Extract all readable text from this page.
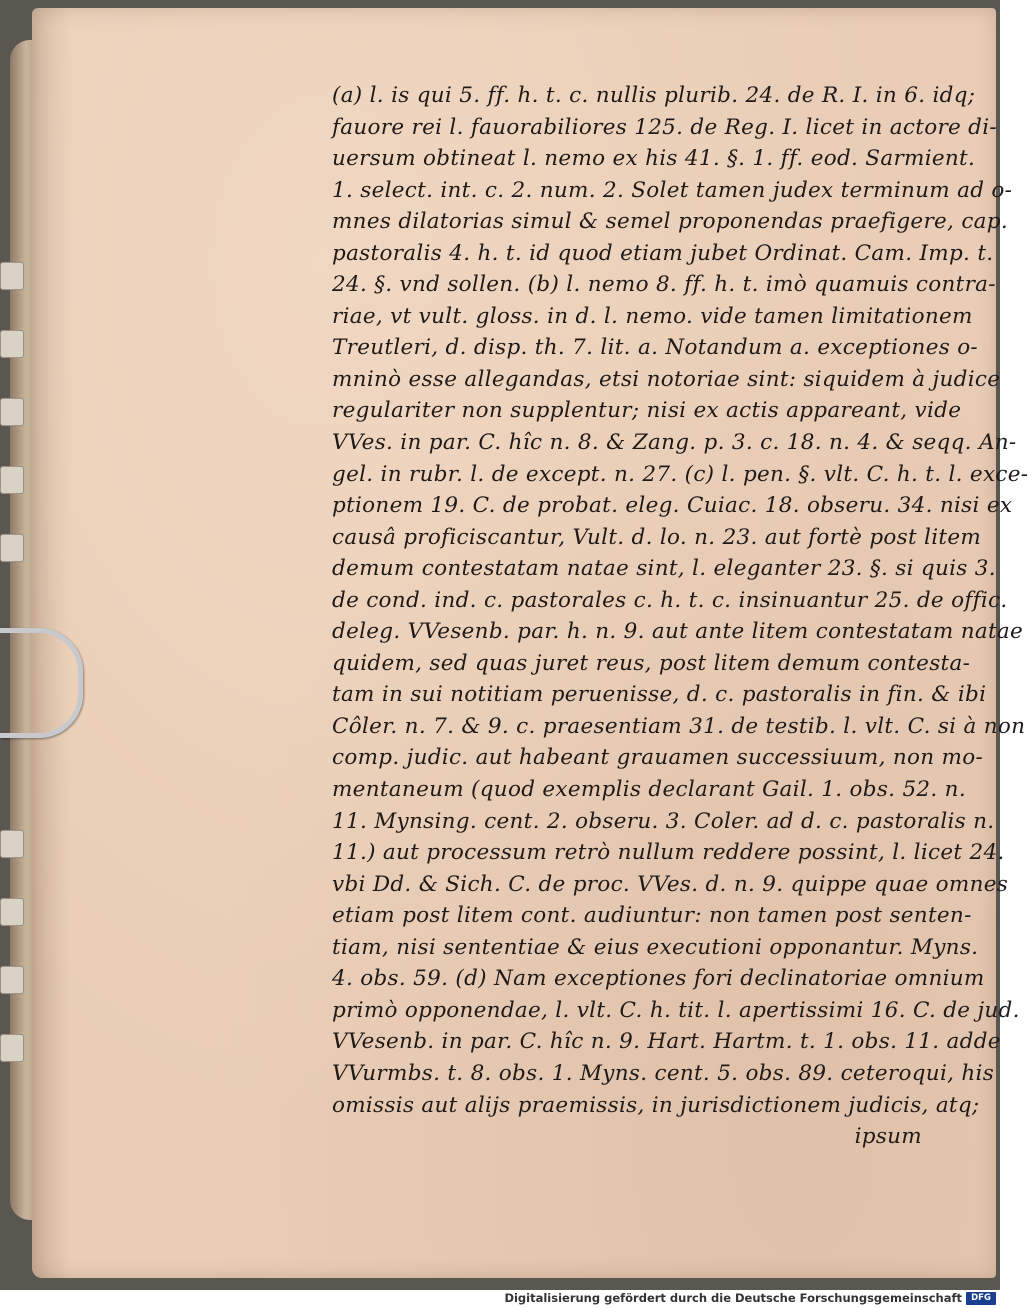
(a) l. is qui 5. ff. h. t. c. nullis plurib. 24. de R. I. in 6. idq;
fauore rei l. fauorabiliores 125. de Reg. I. licet in actore di-
uersum obtineat l. nemo ex his 41. §. 1. ff. eod. Sarmient.
1. select. int. c. 2. num. 2. Solet tamen judex terminum ad o-
mnes dilatorias simul & semel proponendas praefigere, cap.
pastoralis 4. h. t. id quod etiam jubet Ordinat. Cam. Imp. t.
24. §. vnd sollen. (b) l. nemo 8. ff. h. t. imò quamuis contra-
riae, vt vult. gloss. in d. l. nemo. vide tamen limitationem
Treutleri, d. disp. th. 7. lit. a. Notandum a. exceptiones o-
mninò esse allegandas, etsi notoriae sint: siquidem à judice
regulariter non supplentur; nisi ex actis appareant, vide
VVes. in par. C. hîc n. 8. & Zang. p. 3. c. 18. n. 4. & seqq. An-
gel. in rubr. l. de except. n. 27. (c) l. pen. §. vlt. C. h. t. l. exce-
ptionem 19. C. de probat. eleg. Cuiac. 18. obseru. 34. nisi ex
causâ proficiscantur, Vult. d. lo. n. 23. aut fortè post litem
demum contestatam natae sint, l. eleganter 23. §. si quis 3.
de cond. ind. c. pastorales c. h. t. c. insinuantur 25. de offic.
deleg. VVesenb. par. h. n. 9. aut ante litem contestatam natae
quidem, sed quas juret reus, post litem demum contesta-
tam in sui notitiam peruenisse, d. c. pastoralis in fin. & ibi
Côler. n. 7. & 9. c. praesentiam 31. de testib. l. vlt. C. si à non
comp. judic. aut habeant grauamen successiuum, non mo-
mentaneum (quod exemplis declarant Gail. 1. obs. 52. n.
11. Mynsing. cent. 2. obseru. 3. Coler. ad d. c. pastoralis n.
11.) aut processum retrò nullum reddere possint, l. licet 24.
vbi Dd. & Sich. C. de proc. VVes. d. n. 9. quippe quae omnes
etiam post litem cont. audiuntur: non tamen post senten-
tiam, nisi sententiae & eius executioni opponantur. Myns.
4. obs. 59. (d) Nam exceptiones fori declinatoriae omnium
primò opponendae, l. vlt. C. h. tit. l. apertissimi 16. C. de jud.
VVesenb. in par. C. hîc n. 9. Hart. Hartm. t. 1. obs. 11. adde
VVurmbs. t. 8. obs. 1. Myns. cent. 5. obs. 89. ceteroqui, his
omissis aut alijs praemissis, in jurisdictionem judicis, atq;
ipsum
Digitalisierung gefördert durch die Deutsche Forschungsgemeinschaft	DFG
